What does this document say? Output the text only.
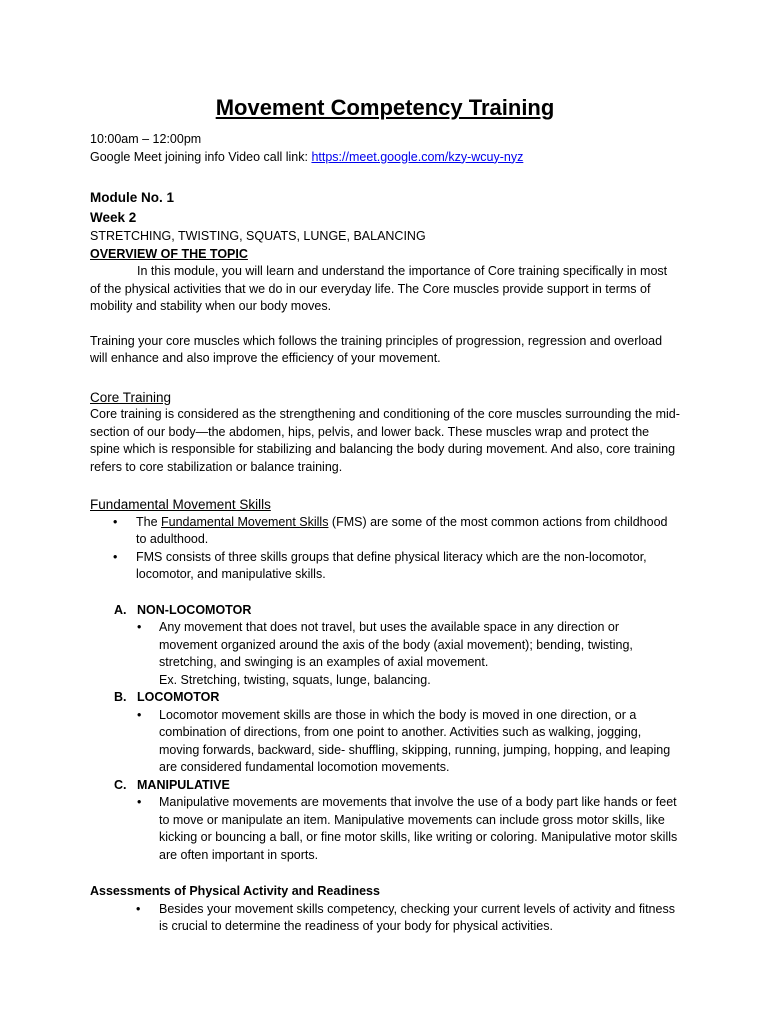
Movement Competency Training

10:00am – 12:00pm

Google Meet joining info Video call link: https://meet.google.com/kzy-wcuy-nyz

Module No. 1

Week 2

STRETCHING, TWISTING, SQUATS, LUNGE, BALANCING

OVERVIEW OF THE TOPIC

In this module, you will learn and understand the importance of Core training specifically in most of the physical activities that we do in our everyday life. The Core muscles provide support in terms of mobility and stability when our body moves.

Training your core muscles which follows the training principles of progression, regression and overload will enhance and also improve the efficiency of your movement.

Core Training

Core training is considered as the strengthening and conditioning of the core muscles surrounding the mid-section of our body—the abdomen, hips, pelvis, and lower back. These muscles wrap and protect the spine which is responsible for stabilizing and balancing the body during movement. And also, core training refers to core stabilization or balance training.

Fundamental Movement Skills

• The Fundamental Movement Skills (FMS) are some of the most common actions from childhood to adulthood.
• FMS consists of three skills groups that define physical literacy which are the non-locomotor, locomotor, and manipulative skills.
A. NON-LOCOMOTOR
• Any movement that does not travel, but uses the available space in any direction or movement organized around the axis of the body (axial movement); bending, twisting, stretching, and swinging is an examples of axial movement.

Ex. Stretching, twisting, squats, lunge, balancing.

B. LOCOMOTOR
• Locomotor movement skills are those in which the body is moved in one direction, or a combination of directions, from one point to another. Activities such as walking, jogging, moving forwards, backward, side- shuffling, skipping, running, jumping, hopping, and leaping are considered fundamental locomotion movements.
C. MANIPULATIVE
• Manipulative movements are movements that involve the use of a body part like hands or feet to move or manipulate an item. Manipulative movements can include gross motor skills, like kicking or bouncing a ball, or fine motor skills, like writing or coloring. Manipulative motor skills are often important in sports.

Assessments of Physical Activity and Readiness

• Besides your movement skills competency, checking your current levels of activity and fitness is crucial to determine the readiness of your body for physical activities.
